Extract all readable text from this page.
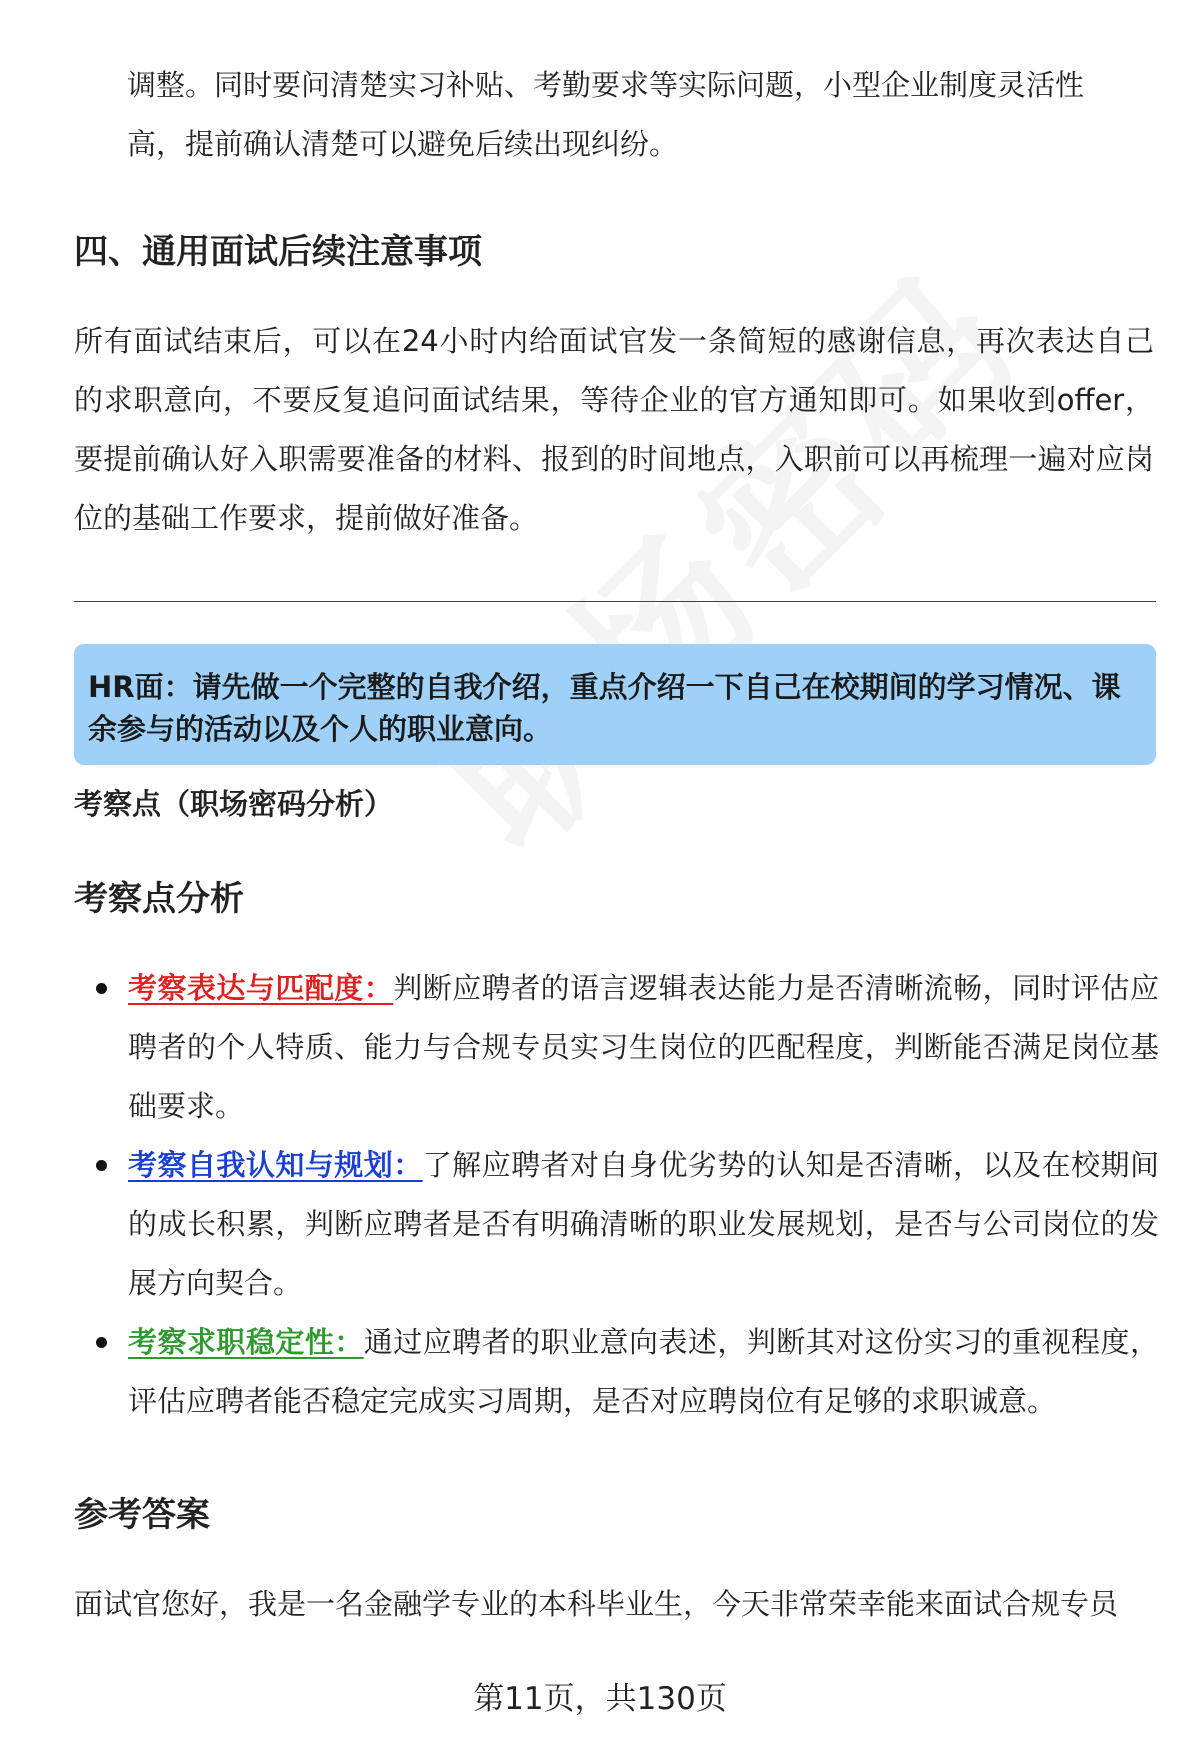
调整。同时要问清楚实习补贴、考勤要求等实际问题，小型企业制度灵活性
高，提前确认清楚可以避免后续出现纠纷。
四、通用面试后续注意事项
所有面试结束后，可以在24小时内给面试官发一条简短的感谢信息，再次表达自己的求职意向，不要反复追问面试结果，等待企业的官方通知即可。如果收到offer，要提前确认好入职需要准备的材料、报到的时间地点，入职前可以再梳理一遍对应岗位的基础工作要求，提前做好准备。
HR面：请先做一个完整的自我介绍，重点介绍一下自己在校期间的学习情况、课余参与的活动以及个人的职业意向。
考察点（职场密码分析）
考察点分析
考察表达与匹配度：判断应聘者的语言逻辑表达能力是否清晰流畅，同时评估应聘者的个人特质、能力与合规专员实习生岗位的匹配程度，判断能否满足岗位基础要求。
考察自我认知与规划：了解应聘者对自身优劣势的认知是否清晰，以及在校期间的成长积累，判断应聘者是否有明确清晰的职业发展规划，是否与公司岗位的发展方向契合。
考察求职稳定性：通过应聘者的职业意向表述，判断其对这份实习的重视程度，评估应聘者能否稳定完成实习周期，是否对应聘岗位有足够的求职诚意。
参考答案
面试官您好，我是一名金融学专业的本科毕业生，今天非常荣幸能来面试合规专员
第11页，共130页
